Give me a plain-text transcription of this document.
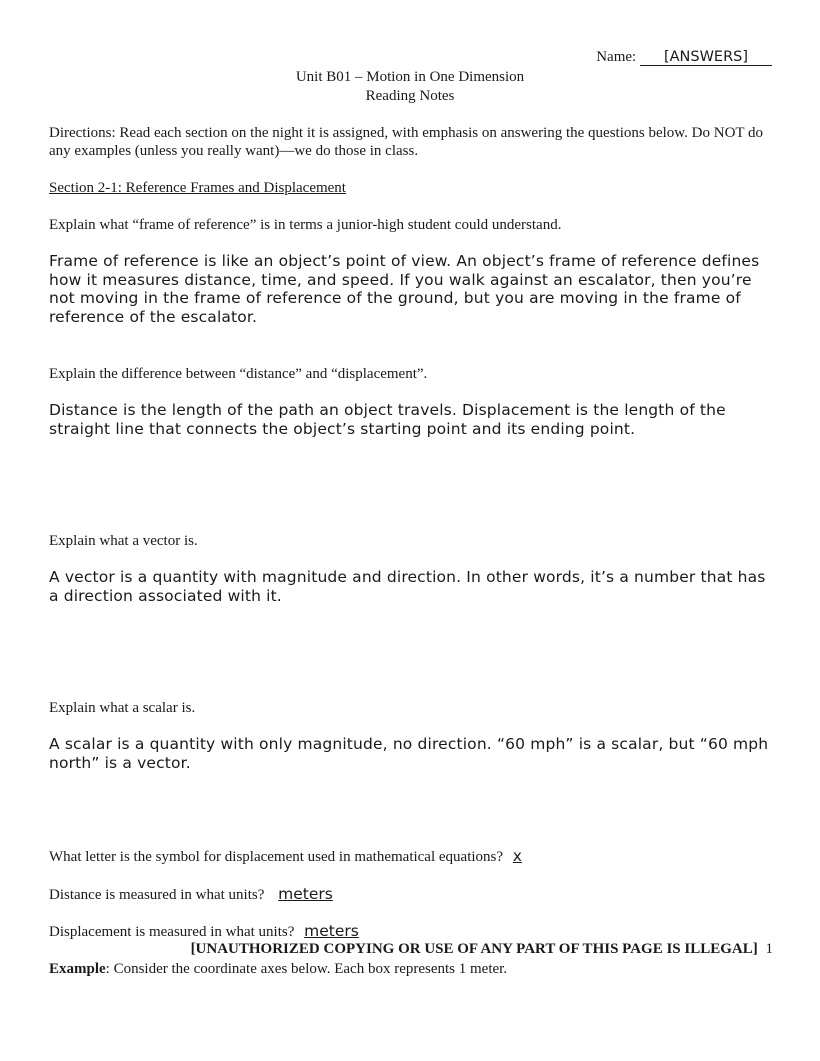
Name: [ANSWERS]
Unit B01 – Motion in One Dimension
Reading Notes
Directions: Read each section on the night it is assigned, with emphasis on answering the questions below. Do NOT do any examples (unless you really want)—we do those in class.
Section 2-1: Reference Frames and Displacement
Explain what “frame of reference” is in terms a junior-high student could understand.
Frame of reference is like an object’s point of view. An object’s frame of reference defines how it measures distance, time, and speed. If you walk against an escalator, then you’re not moving in the frame of reference of the ground, but you are moving in the frame of reference of the escalator.
Explain the difference between “distance” and “displacement”.
Distance is the length of the path an object travels. Displacement is the length of the straight line that connects the object’s starting point and its ending point.
Explain what a vector is.
A vector is a quantity with magnitude and direction. In other words, it’s a number that has a direction associated with it.
Explain what a scalar is.
A scalar is a quantity with only magnitude, no direction. “60 mph” is a scalar, but “60 mph north” is a vector.
What letter is the symbol for displacement used in mathematical equations? x
Distance is measured in what units? meters
Displacement is measured in what units? meters
[UNAUTHORIZED COPYING OR USE OF ANY PART OF THIS PAGE IS ILLEGAL] 1
Example: Consider the coordinate axes below. Each box represents 1 meter.
